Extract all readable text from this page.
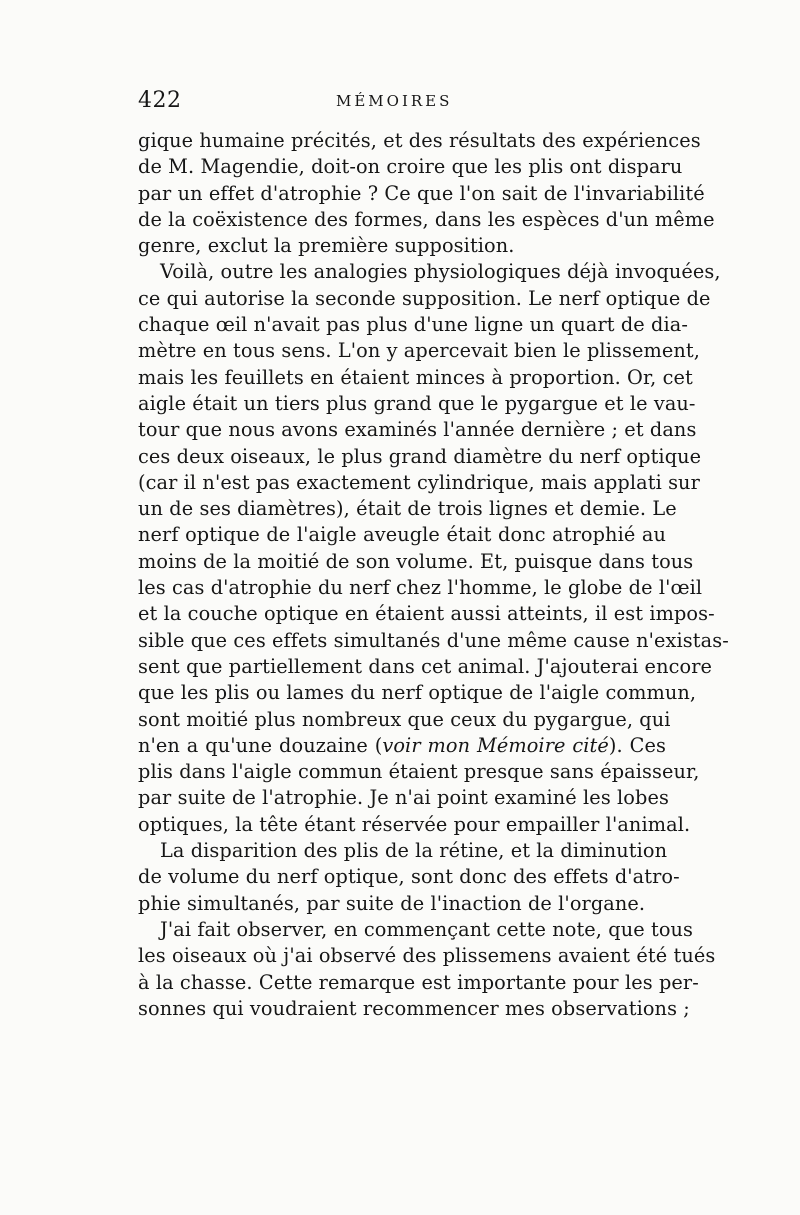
422	MÉMOIRES
gique humaine précités, et des résultats des expériences
de M. Magendie, doit-on croire que les plis ont disparu
par un effet d'atrophie ? Ce que l'on sait de l'invariabilité
de la coëxistence des formes, dans les espèces d'un même
genre, exclut la première supposition.
Voilà, outre les analogies physiologiques déjà invoquées,
ce qui autorise la seconde supposition. Le nerf optique de
chaque œil n'avait pas plus d'une ligne un quart de dia-
mètre en tous sens. L'on y apercevait bien le plissement,
mais les feuillets en étaient minces à proportion. Or, cet
aigle était un tiers plus grand que le pygargue et le vau-
tour que nous avons examinés l'année dernière ; et dans
ces deux oiseaux, le plus grand diamètre du nerf optique
(car il n'est pas exactement cylindrique, mais applati sur
un de ses diamètres), était de trois lignes et demie. Le
nerf optique de l'aigle aveugle était donc atrophié au
moins de la moitié de son volume. Et, puisque dans tous
les cas d'atrophie du nerf chez l'homme, le globe de l'œil
et la couche optique en étaient aussi atteints, il est impos-
sible que ces effets simultanés d'une même cause n'existas-
sent que partiellement dans cet animal. J'ajouterai encore
que les plis ou lames du nerf optique de l'aigle commun,
sont moitié plus nombreux que ceux du pygargue, qui
n'en a qu'une douzaine (voir mon Mémoire cité). Ces
plis dans l'aigle commun étaient presque sans épaisseur,
par suite de l'atrophie. Je n'ai point examiné les lobes
optiques, la tête étant réservée pour empailler l'animal.
La disparition des plis de la rétine, et la diminution
de volume du nerf optique, sont donc des effets d'atro-
phie simultanés, par suite de l'inaction de l'organe.
J'ai fait observer, en commençant cette note, que tous
les oiseaux où j'ai observé des plissemens avaient été tués
à la chasse. Cette remarque est importante pour les per-
sonnes qui voudraient recommencer mes observations ;
